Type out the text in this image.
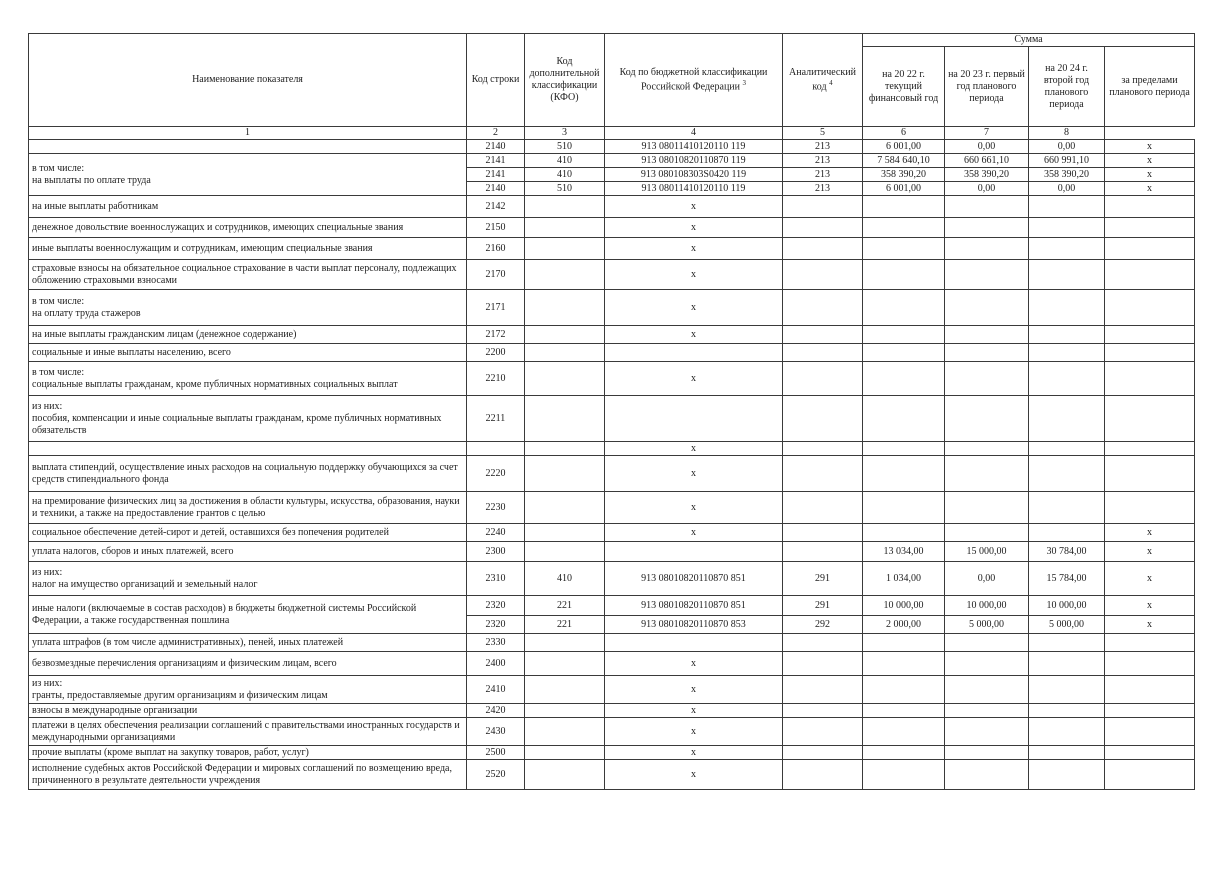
Наименование показателя	Код строки	Код дополнительной классификации (КФО)	Код по бюджетной классификации Российской Федерации $^3$	Аналитический код $^4$	Сумма			
					на 20 22 г. текущий финансовый год	на 20 23 г. первый год планового периода	на 20 24 г. второй год планового периода	за пределами планового периода
1	2	3	4	5	6	7	8	

	2140	510	913 08011410120110 119	213	6 001,00	0,00	0,00	x

в том числе:
на выплаты по оплате труда	2141	410	913 08010820110870 119	213	7 584 640,10	660 661,10	660 991,10	x
	2141	410	913 080108303S0420 119	213	358 390,20	358 390,20	358 390,20	x
	2140	510	913 08011410120110 119	213	6 001,00	0,00	0,00	x

на иные выплаты работникам	2142		x					

денежное довольствие военнослужащих и сотрудников, имеющих специальные звания	2150		x					

иные выплаты военнослужащим и сотрудникам, имеющим специальные звания	2160		x					

страховые взносы на обязательное социальное страхование в части выплат персоналу, подлежащих обложению страховыми взносами	2170		x					

в том числе:
на оплату труда стажеров	2171		x					

на иные выплаты гражданским лицам (денежное содержание)	2172		x					

социальные и иные выплаты населению, всего	2200							

в том числе:
социальные выплаты гражданам, кроме публичных нормативных социальных выплат	2210		x					

из них:
пособия, компенсации и иные социальные выплаты гражданам, кроме публичных нормативных обязательств	2211							

			x					

выплата стипендий, осуществление иных расходов на социальную поддержку обучающихся за счет средств стипендиального фонда	2220		x					

на премирование физических лиц за достижения в области культуры, искусства, образования, науки и техники, а также на предоставление грантов с целью	2230		x					

социальное обеспечение детей-сирот и детей, оставшихся без попечения родителей	2240		x					x

уплата налогов, сборов и иных платежей, всего	2300				13 034,00	15 000,00	30 784,00	x

из них:
налог на имущество организаций и земельный налог	2310	410	913 08010820110870 851	291	1 034,00	0,00	15 784,00	x

иные налоги (включаемые в состав расходов) в бюджеты бюджетной системы Российской Федерации, а также государственная пошлина	2320	221	913 08010820110870 851	291	10 000,00	10 000,00	10 000,00	x
	2320	221	913 08010820110870 853	292	2 000,00	5 000,00	5 000,00	x

уплата штрафов (в том числе административных), пеней, иных платежей	2330							

безвозмездные перечисления организациям и физическим лицам, всего	2400		x					

из них:
гранты, предоставляемые другим организациям и физическим лицам	2410		x					

взносы в международные организации	2420		x					

платежи в целях обеспечения реализации соглашений с правительствами иностранных государств и международными организациями	2430		x					

прочие выплаты (кроме выплат на закупку товаров, работ, услуг)	2500		x					

исполнение судебных актов Российской Федерации и мировых соглашений по возмещению вреда, причиненного в результате деятельности учреждения	2520		x					
